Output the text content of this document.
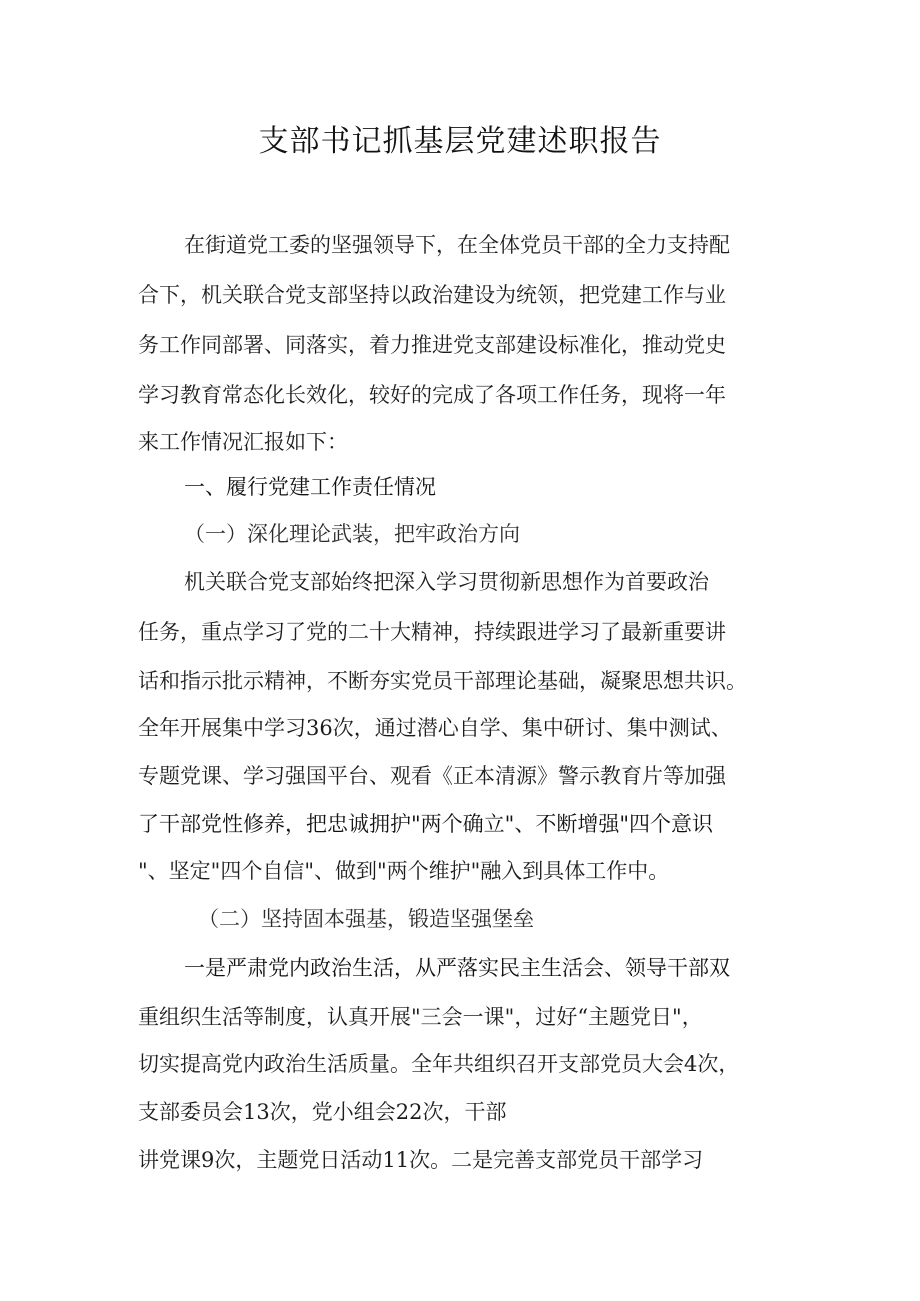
支部书记抓基层党建述职报告
在街道党工委的坚强领导下，在全体党员干部的全力支持配
合下，机关联合党支部坚持以政治建设为统领，把党建工作与业
务工作同部署、同落实，着力推进党支部建设标准化，推动党史
学习教育常态化长效化，较好的完成了各项工作任务，现将一年
来工作情况汇报如下：
一、履行党建工作责任情况
（一）深化理论武装，把牢政治方向
机关联合党支部始终把深入学习贯彻新思想作为首要政治
任务，重点学习了党的二十大精神，持续跟进学习了最新重要讲
话和指示批示精神，不断夯实党员干部理论基础，凝聚思想共识。
全年开展集中学习36次，通过潜心自学、集中研讨、集中测试、
专题党课、学习强国平台、观看《正本清源》警示教育片等加强
了干部党性修养，把忠诚拥护"两个确立"、不断增强"四个意识
"、坚定"四个自信"、做到"两个维护"融入到具体工作中。
（二）坚持固本强基，锻造坚强堡垒
一是严肃党内政治生活，从严落实民主生活会、领导干部双
重组织生活等制度，认真开展"三会一课"，过好“主题党日"，
切实提高党内政治生活质量。全年共组织召开支部党员大会4次，
支部委员会13次，党小组会22次，干部
讲党课9次，主题党日活动11次。二是完善支部党员干部学习
